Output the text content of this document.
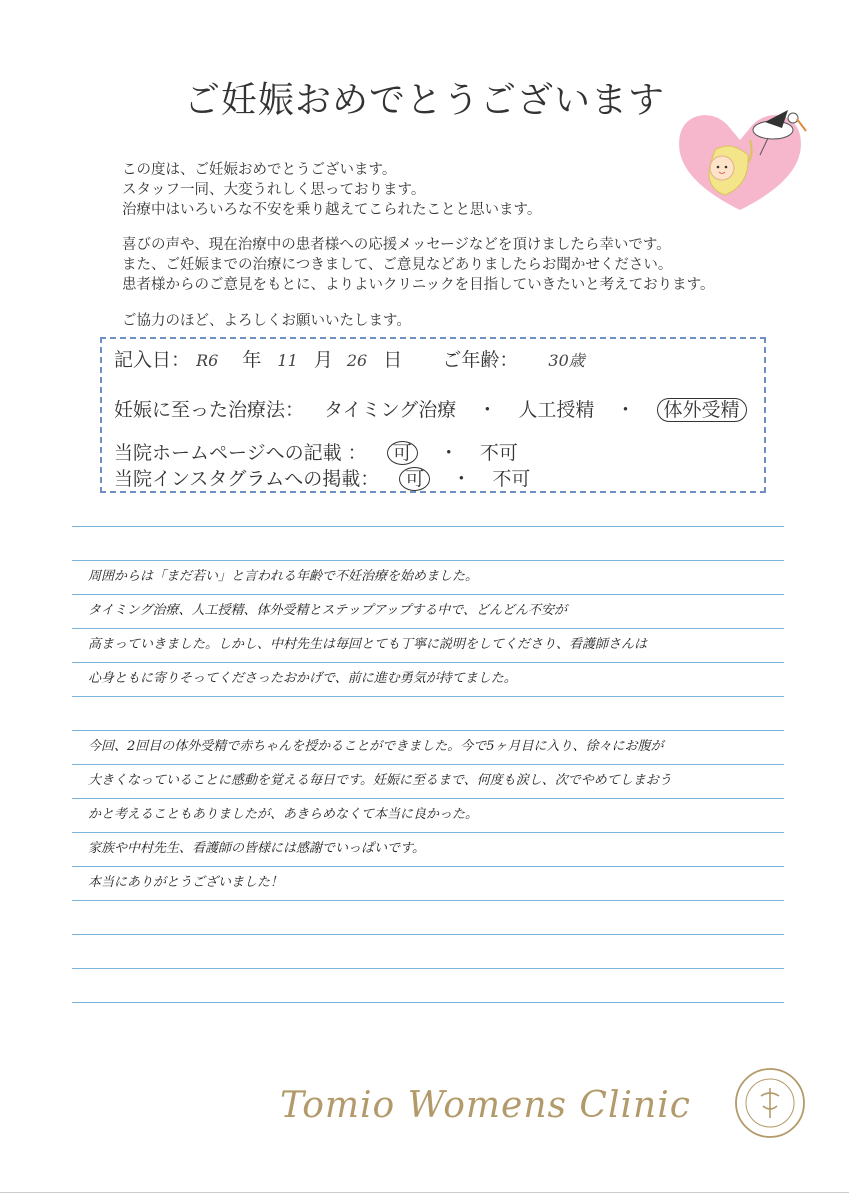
ご妊娠おめでとうございます

この度は、ご妊娠おめでとうございます。

スタッフ一同、大変うれしく思っております。

治療中はいろいろな不安を乗り越えてこられたことと思います。

喜びの声や、現在治療中の患者様への応援メッセージなどを頂けましたら幸いです。

また、ご妊娠までの治療につきまして、ご意見などありましたらお聞かせください。

患者様からのご意見をもとに、よりよいクリニックを目指していきたいと考えております。

ご協力のほど、よろしくお願いいたします。

記入日： R6 年 11 月 26 日 ご年齢： 30歳
妊娠に至った治療法： タイミング治療 ・ 人工授精 ・ 体外受精
当院ホームページへの記載 ： 可 ・ 不可
当院インスタグラムへの掲載： 可 ・ 不可

周囲からは「まだ若い」と言われる年齢で不妊治療を始めました。

タイミング治療、人工授精、体外受精とステップアップする中で、どんどん不安が

高まっていきました。しかし、中村先生は毎回とても丁寧に説明をしてくださり、看護師さんは

心身ともに寄りそってくださったおかげで、前に進む勇気が持てました。

今回、2回目の体外受精で赤ちゃんを授かることができました。今で5ヶ月目に入り、徐々にお腹が

大きくなっていることに感動を覚える毎日です。妊娠に至るまで、何度も涙し、次でやめてしまおう

かと考えることもありましたが、あきらめなくて本当に良かった。

家族や中村先生、看護師の皆様には感謝でいっぱいです。

本当にありがとうございました！

Tomio Womens Clinic
